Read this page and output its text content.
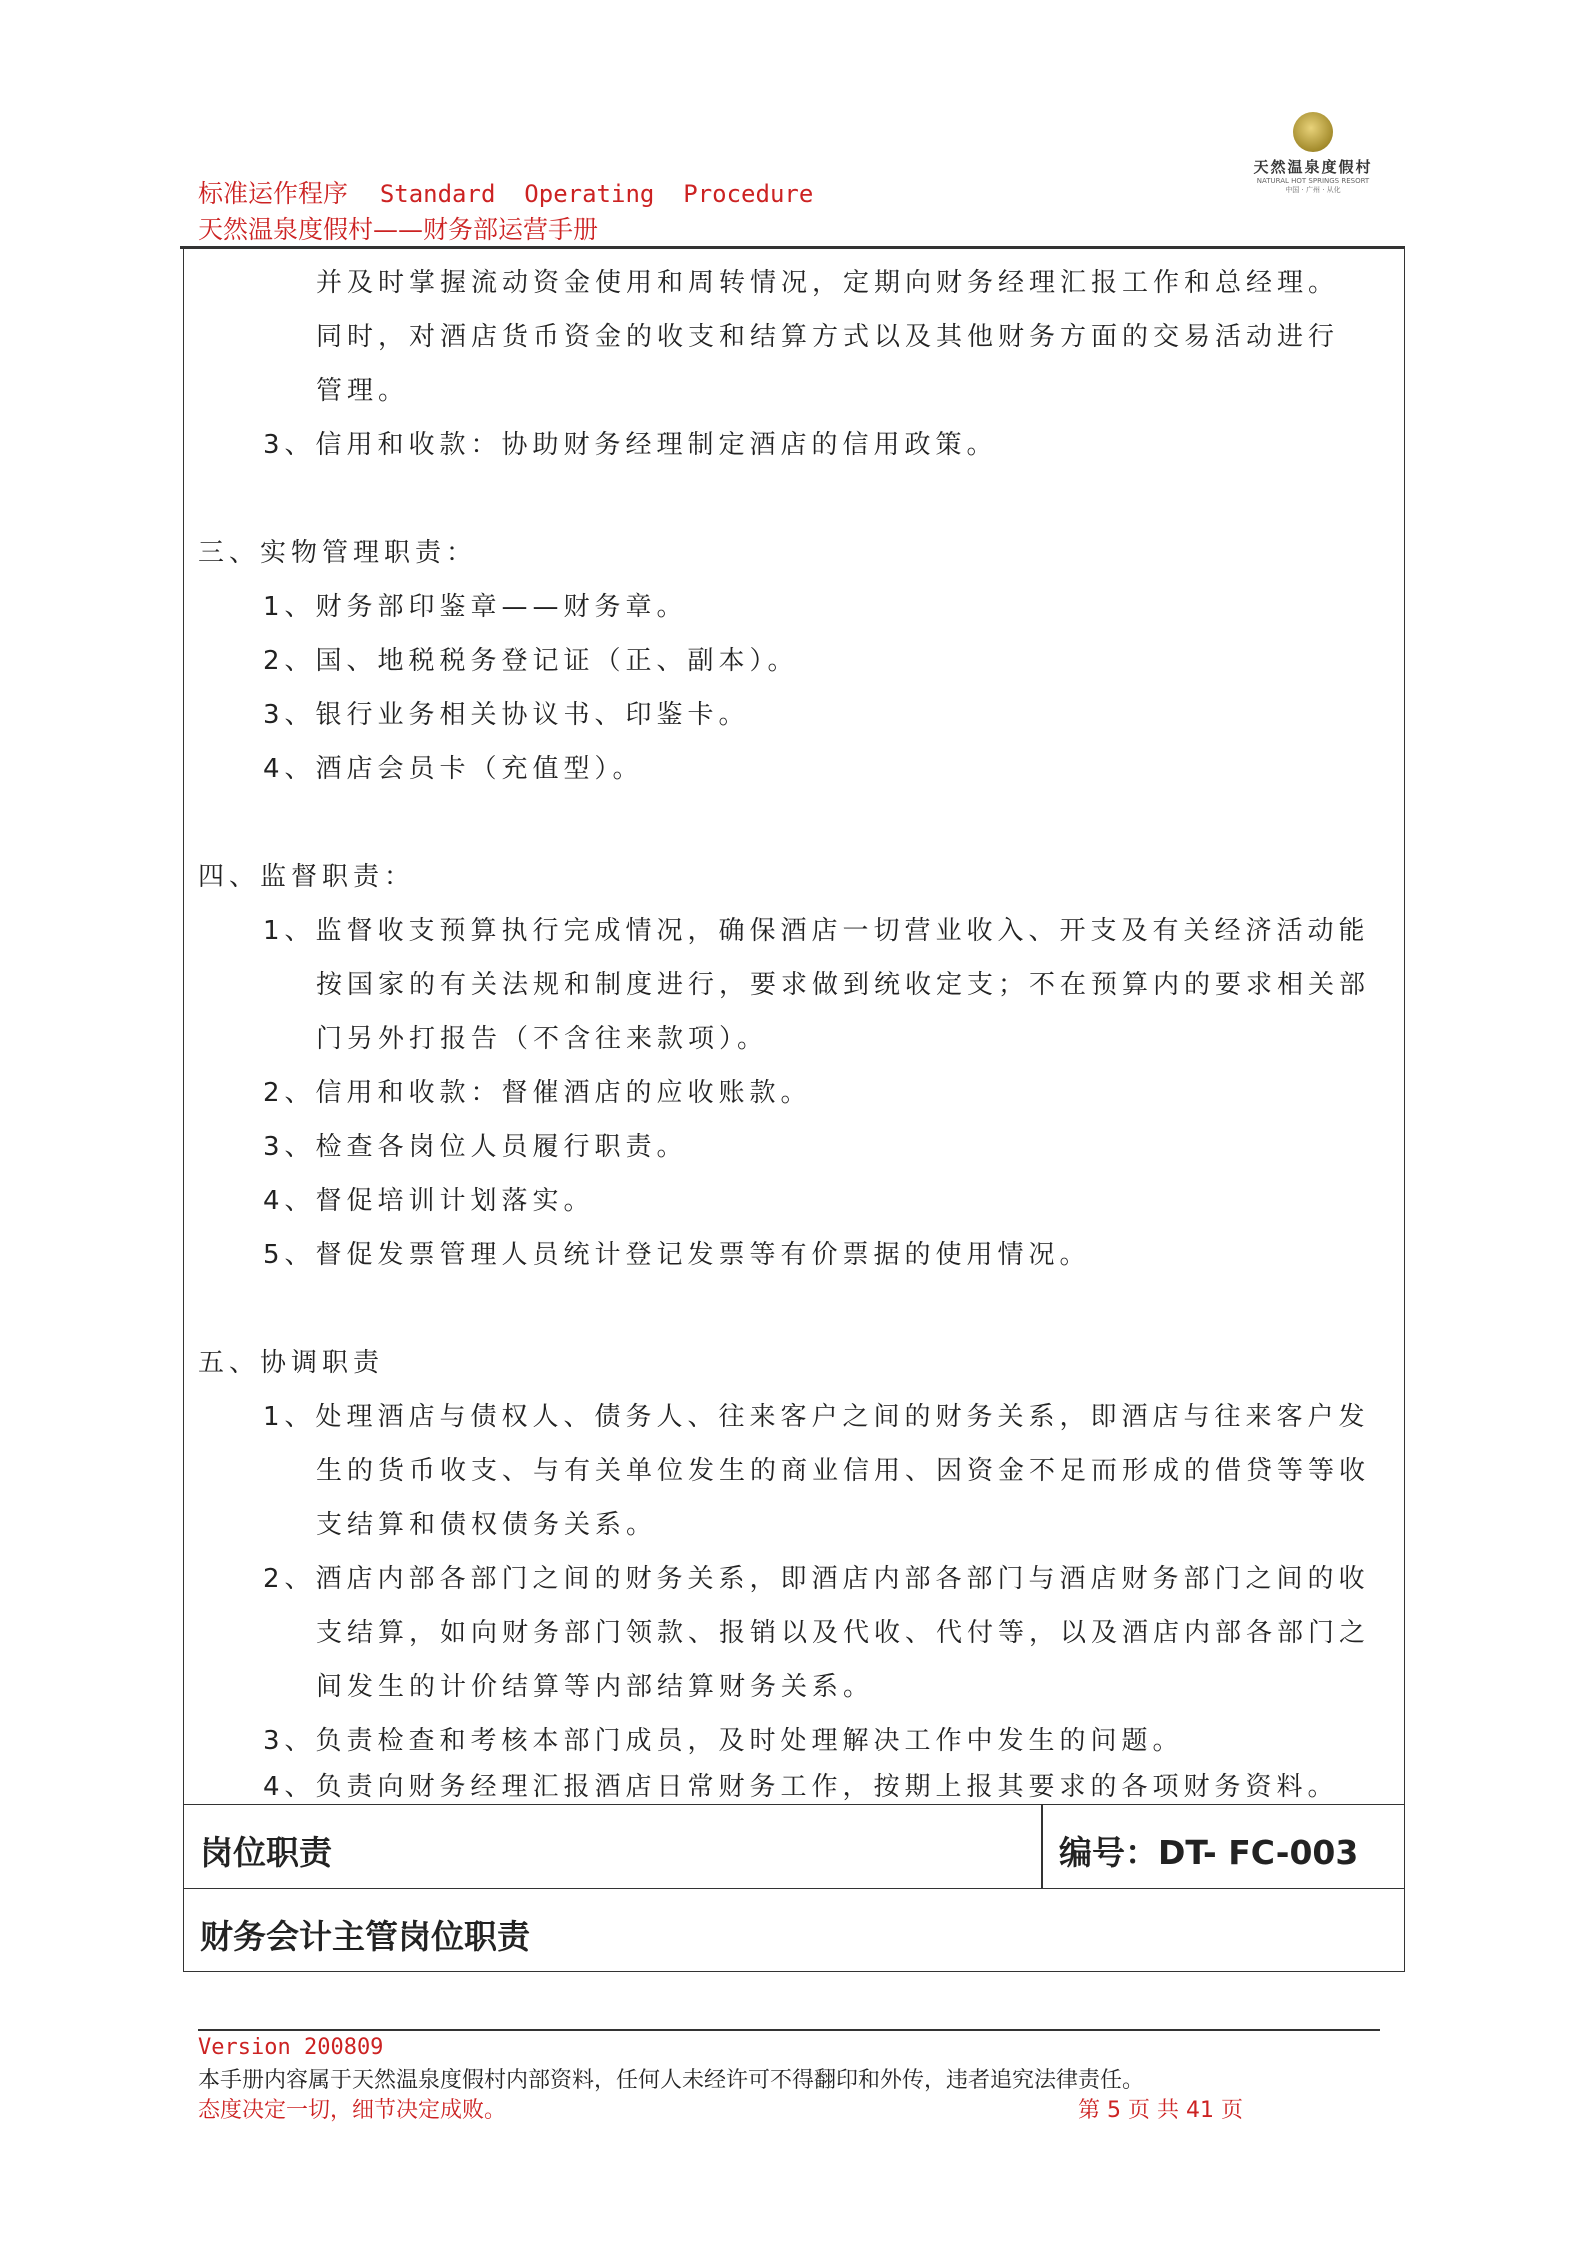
标准运作程序 Standard  Operating  Procedure
天然温泉度假村——财务部运营手册
天然温泉度假村
NATURAL HOT SPRINGS RESORT
中国 · 广州 · 从化
并及时掌握流动资金使用和周转情况，定期向财务经理汇报工作和总经理。
同时，对酒店货币资金的收支和结算方式以及其他财务方面的交易活动进行
管理。
3、信用和收款：协助财务经理制定酒店的信用政策。
三、实物管理职责：
1、财务部印鉴章——财务章。
2、国、地税税务登记证（正、副本）。
3、银行业务相关协议书、印鉴卡。
4、酒店会员卡（充值型）。
四、监督职责：
1、监督收支预算执行完成情况，确保酒店一切营业收入、开支及有关经济活动能
按国家的有关法规和制度进行，要求做到统收定支；不在预算内的要求相关部
门另外打报告（不含往来款项）。
2、信用和收款：督催酒店的应收账款。
3、检查各岗位人员履行职责。
4、督促培训计划落实。
5、督促发票管理人员统计登记发票等有价票据的使用情况。
五、协调职责
1、处理酒店与债权人、债务人、往来客户之间的财务关系，即酒店与往来客户发
生的货币收支、与有关单位发生的商业信用、因资金不足而形成的借贷等等收
支结算和债权债务关系。
2、酒店内部各部门之间的财务关系，即酒店内部各部门与酒店财务部门之间的收
支结算，如向财务部门领款、报销以及代收、代付等，以及酒店内部各部门之
间发生的计价结算等内部结算财务关系。
3、负责检查和考核本部门成员，及时处理解决工作中发生的问题。
4、负责向财务经理汇报酒店日常财务工作，按期上报其要求的各项财务资料。
岗位职责	编号：DT- FC-003
财务会计主管岗位职责
Version 200809
本手册内容属于天然温泉度假村内部资料，任何人未经许可不得翻印和外传，违者追究法律责任。
态度决定一切，细节决定成败。	第 5 页 共 41 页
